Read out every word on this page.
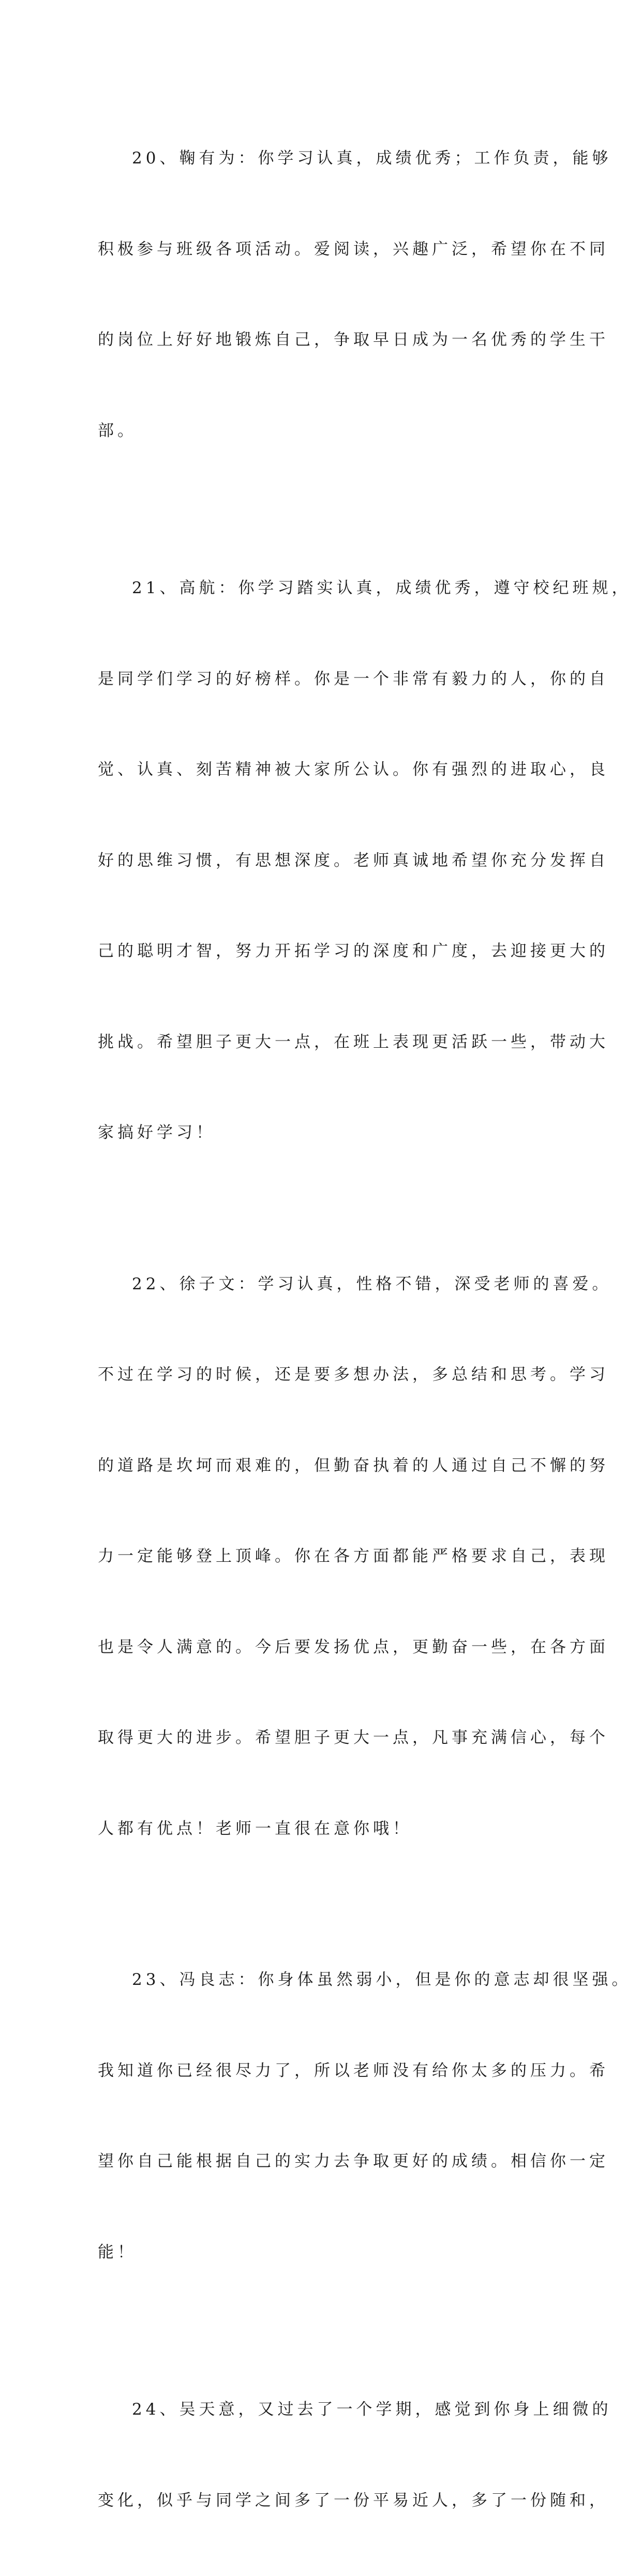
20、鞠有为：你学习认真，成绩优秀；工作负责，能够

积极参与班级各项活动。爱阅读，兴趣广泛，希望你在不同

的岗位上好好地锻炼自己，争取早日成为一名优秀的学生干

部。

21、高航：你学习踏实认真，成绩优秀，遵守校纪班规，

是同学们学习的好榜样。你是一个非常有毅力的人，你的自

觉、认真、刻苦精神被大家所公认。你有强烈的进取心，良

好的思维习惯，有思想深度。老师真诚地希望你充分发挥自

己的聪明才智，努力开拓学习的深度和广度，去迎接更大的

挑战。希望胆子更大一点，在班上表现更活跃一些，带动大

家搞好学习！

22、徐子文：学习认真，性格不错，深受老师的喜爱。

不过在学习的时候，还是要多想办法，多总结和思考。学习

的道路是坎坷而艰难的，但勤奋执着的人通过自己不懈的努

力一定能够登上顶峰。你在各方面都能严格要求自己，表现

也是令人满意的。今后要发扬优点，更勤奋一些，在各方面

取得更大的进步。希望胆子更大一点，凡事充满信心，每个

人都有优点！老师一直很在意你哦！

23、冯良志：你身体虽然弱小，但是你的意志却很坚强。

我知道你已经很尽力了，所以老师没有给你太多的压力。希

望你自己能根据自己的实力去争取更好的成绩。相信你一定

能！

24、吴天意，又过去了一个学期，感觉到你身上细微的

变化，似乎与同学之间多了一份平易近人，多了一份随和，
